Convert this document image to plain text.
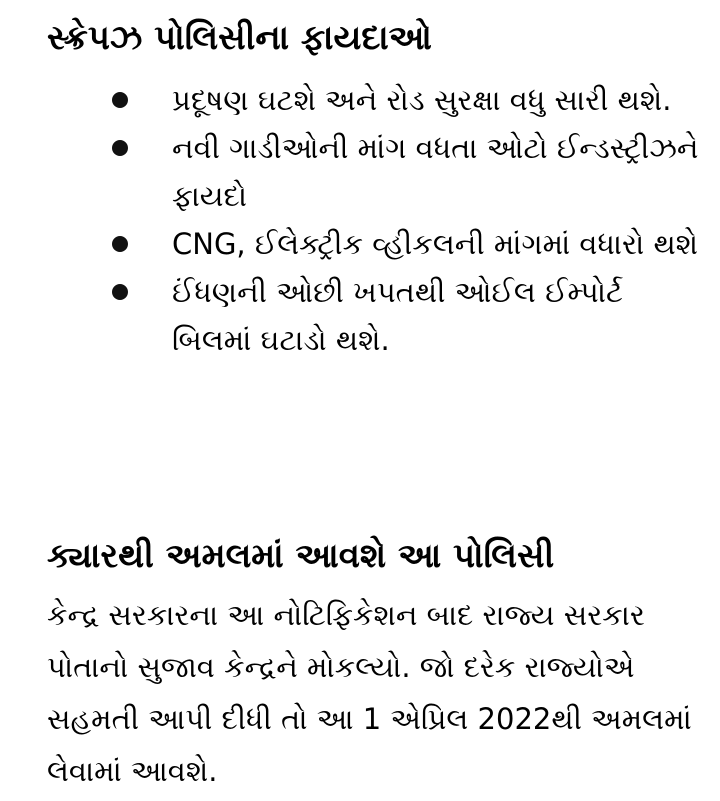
સ્ક્રેપઝ પોલિસીના ફાયદાઓ
પ્રદૂષણ ઘટશે અને રોડ સુરક્ષા વધુ સારી થશે.
નવી ગાડીઓની માંગ વધતા ઓટો ઈન્ડસ્ટ્રીઝને ફાયદો
CNG, ઈલેક્ટ્રીક વ્હીકલની માંગમાં વધારો થશે
ઈંધણની ઓછી ખપતથી ઓઈલ ઈમ્પોર્ટ બિલમાં ઘટાડો થશે.
ક્યારથી અમલમાં આવશે આ પોલિસી

કેન્દ્ર સરકારના આ નોટિફિકેશન બાદ રાજ્ય સરકાર પોતાનો સુજાવ કેન્દ્રને મોકલ્યો. જો દરેક રાજ્યોએ સહમતી આપી દીધી તો આ 1 એપ્રિલ 2022થી અમલમાં લેવામાં આવશે.
